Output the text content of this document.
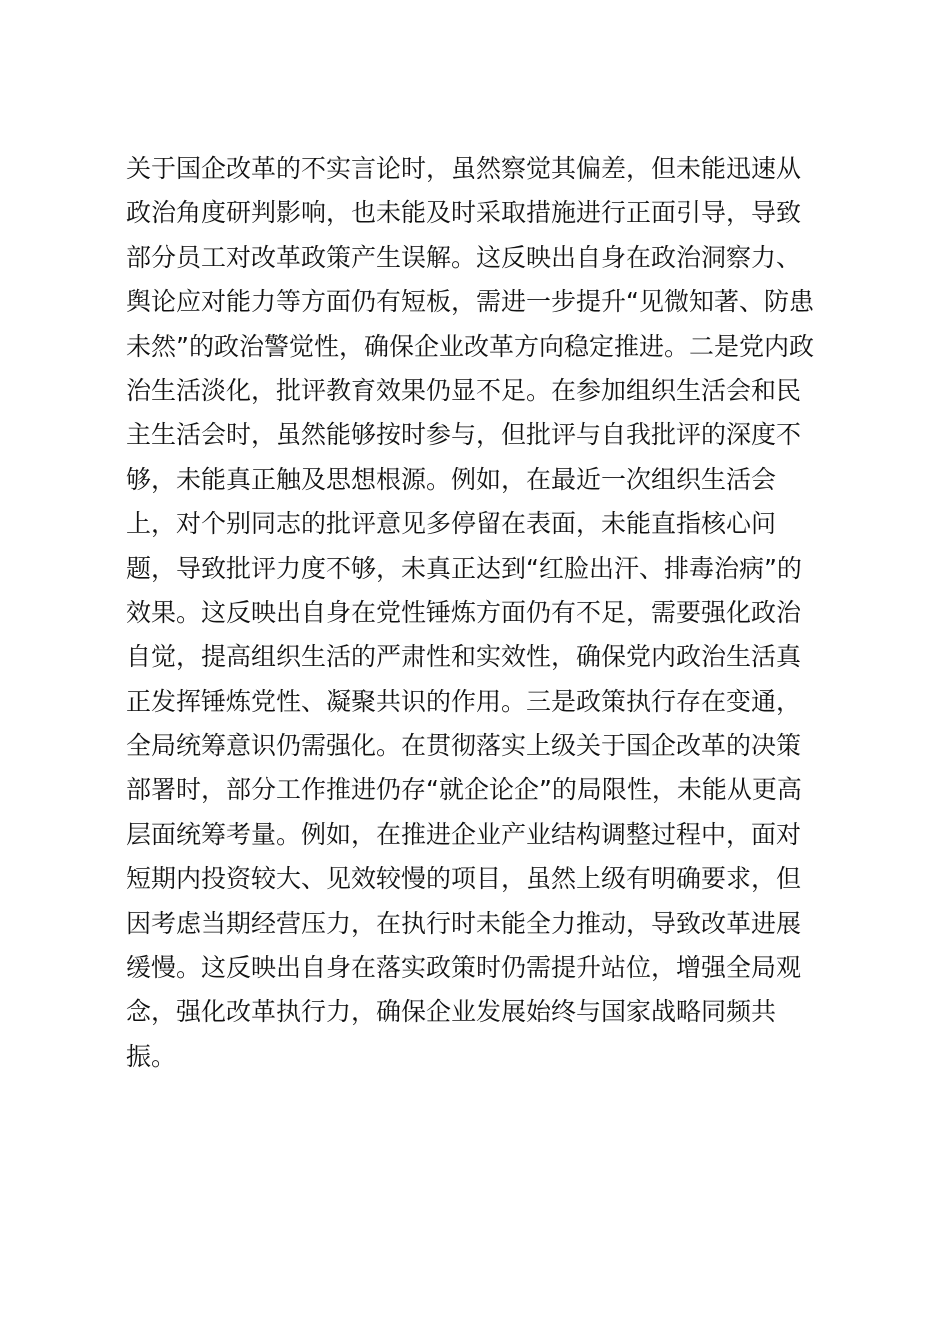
关于国企改革的不实言论时，虽然察觉其偏差，但未能迅速从
政治角度研判影响，也未能及时采取措施进行正面引导，导致
部分员工对改革政策产生误解。这反映出自身在政治洞察力、
舆论应对能力等方面仍有短板，需进一步提升“见微知著、防患
未然”的政治警觉性，确保企业改革方向稳定推进。二是党内政
治生活淡化，批评教育效果仍显不足。在参加组织生活会和民
主生活会时，虽然能够按时参与，但批评与自我批评的深度不
够，未能真正触及思想根源。例如，在最近一次组织生活会
上，对个别同志的批评意见多停留在表面，未能直指核心问
题，导致批评力度不够，未真正达到“红脸出汗、排毒治病”的
效果。这反映出自身在党性锤炼方面仍有不足，需要强化政治
自觉，提高组织生活的严肃性和实效性，确保党内政治生活真
正发挥锤炼党性、凝聚共识的作用。三是政策执行存在变通，
全局统筹意识仍需强化。在贯彻落实上级关于国企改革的决策
部署时，部分工作推进仍存“就企论企”的局限性，未能从更高
层面统筹考量。例如，在推进企业产业结构调整过程中，面对
短期内投资较大、见效较慢的项目，虽然上级有明确要求，但
因考虑当期经营压力，在执行时未能全力推动，导致改革进展
缓慢。这反映出自身在落实政策时仍需提升站位，增强全局观
念，强化改革执行力，确保企业发展始终与国家战略同频共
振。
